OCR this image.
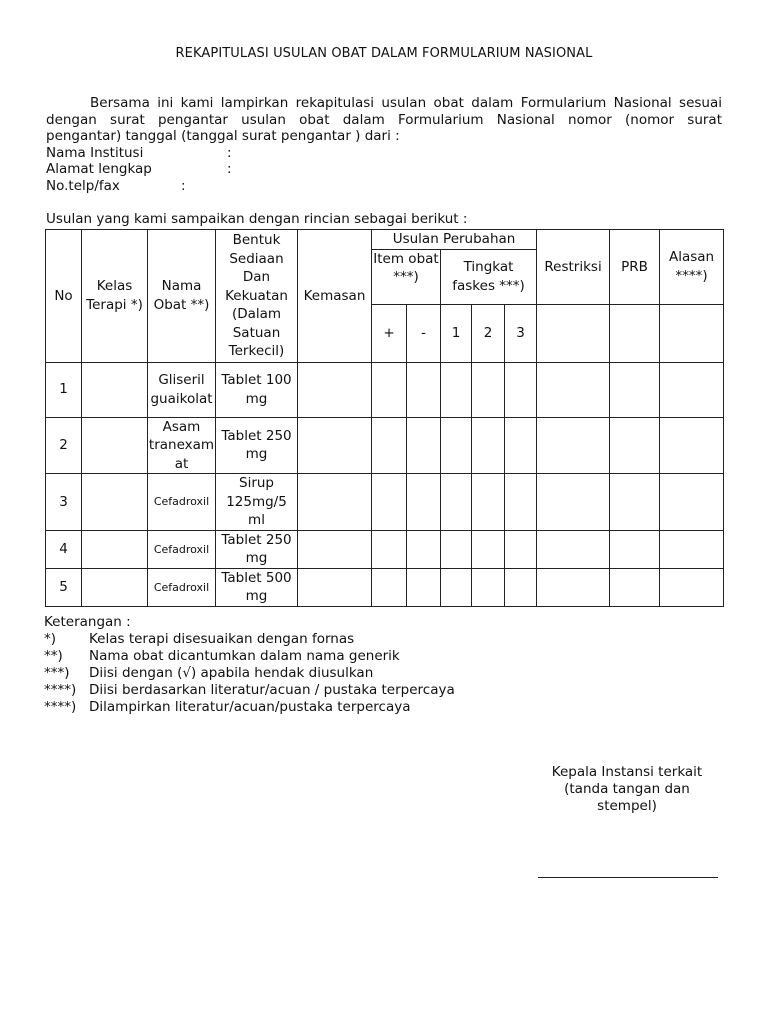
REKAPITULASI USULAN OBAT DALAM FORMULARIUM NASIONAL
Bersama ini kami lampirkan rekapitulasi usulan obat dalam Formularium Nasional sesuai
dengan surat pengantar usulan obat dalam Formularium Nasional nomor (nomor surat
pengantar) tanggal (tanggal surat pengantar ) dari :
Nama Institusi	:
Alamat lengkap	:
No.telp/fax	:
Usulan yang kami sampaikan dengan rincian sebagai berikut :
No	Kelas Terapi *)	Nama Obat **)	Bentuk Sediaan Dan Kekuatan (Dalam Satuan Terkecil)	Kemasan	Usulan Perubahan					Restriksi	PRB	Alasan ****)
					Item obat ***)		Tingkat faskes ***)					
					+	-	1	2	3			
1		Gliseril guaikolat	Tablet 100 mg									
2		Asam tranexamat	Tablet 250 mg									
3		Cefadroxil	Sirup 125mg/5 ml									
4		Cefadroxil	Tablet 250 mg									
5		Cefadroxil	Tablet 500 mg									
Keterangan :
*) Kelas terapi disesuaikan dengan fornas
**) Nama obat dicantumkan dalam nama generik
***) Diisi dengan (√) apabila hendak diusulkan
****) Diisi berdasarkan literatur/acuan / pustaka terpercaya
****) Dilampirkan literatur/acuan/pustaka terpercaya
Kepala Instansi terkait
(tanda tangan dan
stempel)
